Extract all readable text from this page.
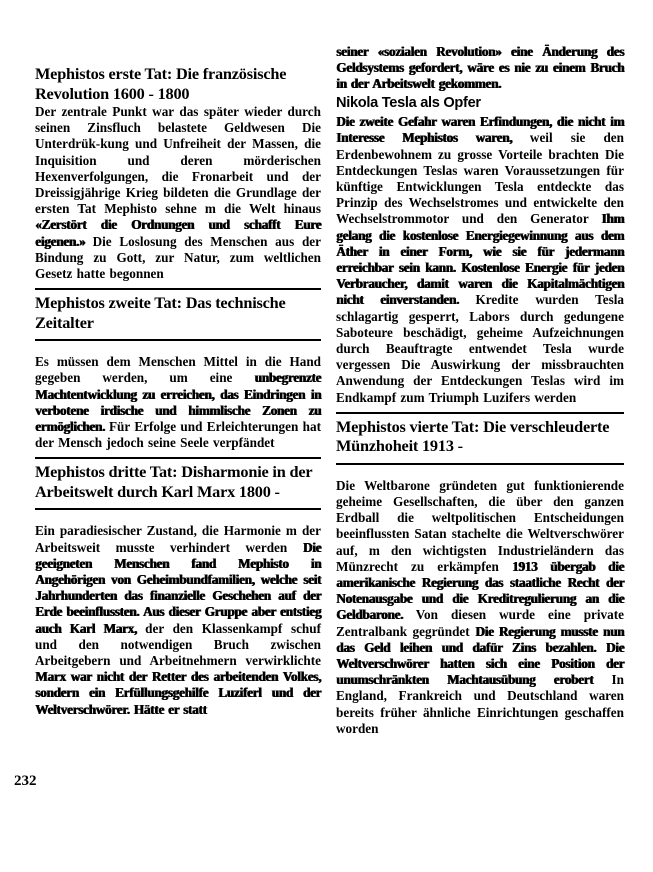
Mephistos erste Tat: Die französische Revolution 1600 - 1800

Der zentrale Punkt war das später wieder durch seinen Zinsfluch belastete Geldwesen Die Unterdrük-kung und Unfreiheit der Massen, die Inquisition und deren mörderischen Hexenverfolgungen, die Fronarbeit und der Dreissigjährige Krieg bildeten die Grundlage der ersten Tat Mephisto sehne m die Welt hinaus «Zerstört die Ordnungen und schafft Eure eigenen.» Die Loslosung des Menschen aus der Bindung zu Gott, zur Natur, zum weltlichen Gesetz hatte begonnen

Mephistos zweite Tat: Das technische Zeitalter

Es müssen dem Menschen Mittel in die Hand gegeben werden, um eine unbegrenzte Machtentwicklung zu erreichen, das Eindringen in verbotene irdische und himmlische Zonen zu ermöglichen. Für Erfolge und Erleichterungen hat der Mensch jedoch seine Seele verpfändet

Mephistos dritte Tat: Disharmonie in der Arbeitswelt durch Karl Marx 1800 -

Ein paradiesischer Zustand, die Harmonie m der Arbeitsweit musste verhindert werden Die geeigneten Menschen fand Mephisto in Angehörigen von Geheimbundfamilien, welche seit Jahrhunderten das finanzielle Geschehen auf der Erde beeinflussten. Aus dieser Gruppe aber entstieg auch Karl Marx, der den Klassenkampf schuf und den notwendigen Bruch zwischen Arbeitgebern und Arbeitnehmern verwirklichte Marx war nicht der Retter des arbeitenden Volkes, sondern ein Erfüllungsgehilfe Luziferl und der Weltverschwörer. Hätte er statt

seiner «sozialen Revolution» eine Änderung des Geldsystems gefordert, wäre es nie zu einem Bruch in der Arbeitswelt gekommen.

Nikola Tesla als Opfer

Die zweite Gefahr waren Erfindungen, die nicht im Interesse Mephistos waren, weil sie den Erdenbewohnem zu grosse Vorteile brachten Die Entdeckungen Teslas waren Voraussetzungen für künftige Entwicklungen Tesla entdeckte das Prinzip des Wechselstromes und entwickelte den Wechselstrommotor und den Generator Ihm gelang die kostenlose Energiegewinnung aus dem Äther in einer Form, wie sie für jedermann erreichbar sein kann. Kostenlose Energie für jeden Verbraucher, damit waren die Kapitalmächtigen nicht einverstanden. Kredite wurden Tesla schlagartig gesperrt, Labors durch gedungene Saboteure beschädigt, geheime Aufzeichnungen durch Beauftragte entwendet Tesla wurde vergessen Die Auswirkung der missbrauchten Anwendung der Entdeckungen Teslas wird im Endkampf zum Triumph Luzifers werden

Mephistos vierte Tat: Die verschleuderte Münzhoheit 1913 -

Die Weltbarone gründeten gut funktionierende geheime Gesellschaften, die über den ganzen Erdball die weltpolitischen Entscheidungen beeinflussten Satan stachelte die Weltverschwörer auf, m den wichtigsten Industrieländern das Münzrecht zu erkämpfen 1913 übergab die amerikanische Regierung das staatliche Recht der Notenausgabe und die Kreditregulierung an die Geldbarone. Von diesen wurde eine private Zentralbank gegründet Die Regierung musste nun das Geld leihen und dafür Zins bezahlen. Die Weltverschwörer hatten sich eine Position der unumschränkten Machtausübung erobert In England, Frankreich und Deutschland waren bereits früher ähnliche Einrichtungen geschaffen worden

232
